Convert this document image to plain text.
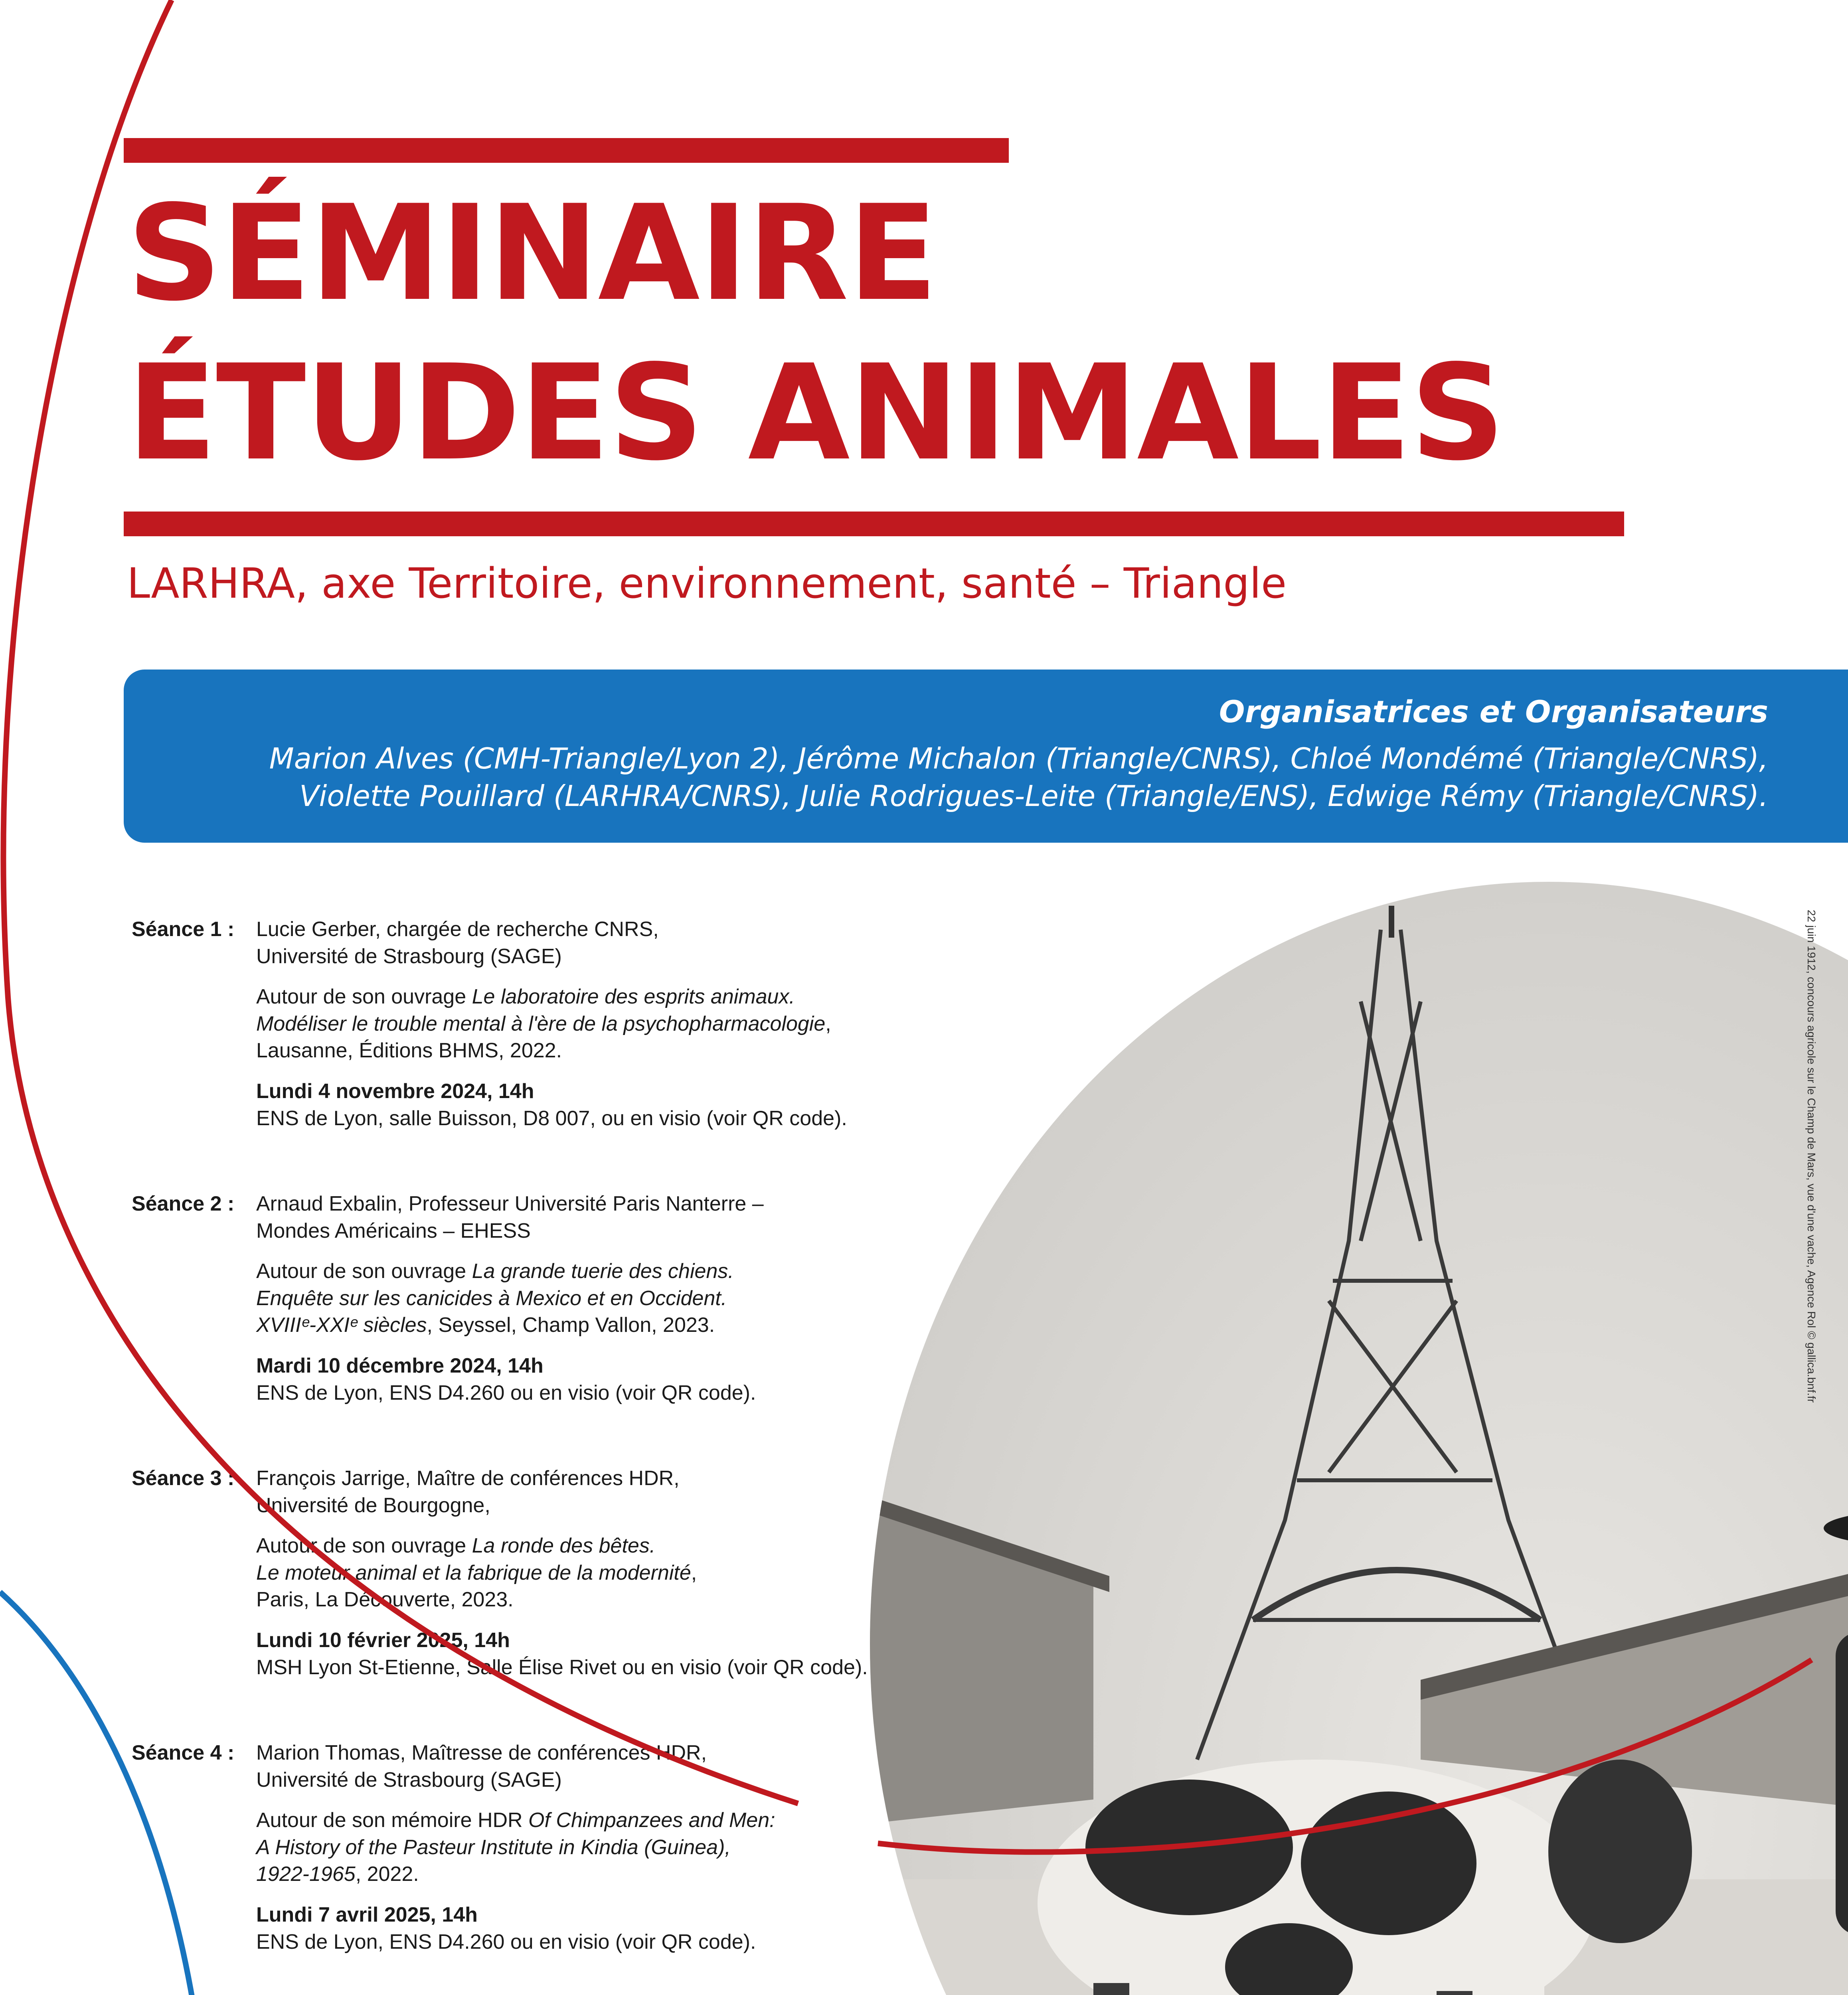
SÉMINAIRE
ÉTUDES ANIMALES
LARHRA, axe Territoire, environnement, santé – Triangle
Organisatrices et Organisateurs
Marion Alves (CMH-Triangle/Lyon 2), Jérôme Michalon (Triangle/CNRS), Chloé Mondémé (Triangle/CNRS),
Violette Pouillard (LARHRA/CNRS), Julie Rodrigues-Leite (Triangle/ENS), Edwige Rémy (Triangle/CNRS).
22 juin 1912, concours agricole sur le Champ de Mars, vue d'une vache, Agence Rol © gallica.bnf.fr
Séance 1 : Lucie Gerber, chargée de recherche CNRS,
Université de Strasbourg (SAGE)
Autour de son ouvrage Le laboratoire des esprits animaux.
Modéliser le trouble mental à l'ère de la psychopharmacologie,
Lausanne, Éditions BHMS, 2022.
Lundi 4 novembre 2024, 14h
ENS de Lyon, salle Buisson, D8 007, ou en visio (voir QR code).
Séance 2 : Arnaud Exbalin, Professeur Université Paris Nanterre –
Mondes Américains – EHESS
Autour de son ouvrage La grande tuerie des chiens.
Enquête sur les canicides à Mexico et en Occident.
XVIIIᵉ-XXIᵉ siècles, Seyssel, Champ Vallon, 2023.
Mardi 10 décembre 2024, 14h
ENS de Lyon, ENS D4.260 ou en visio (voir QR code).
Séance 3 : François Jarrige, Maître de conférences HDR,
Université de Bourgogne,
Autour de son ouvrage La ronde des bêtes.
Le moteur animal et la fabrique de la modernité,
Paris, La Découverte, 2023.
Lundi 10 février 2025, 14h
MSH Lyon St-Etienne, Salle Élise Rivet ou en visio (voir QR code).
Séance 4 : Marion Thomas, Maîtresse de conférences HDR,
Université de Strasbourg (SAGE)
Autour de son mémoire HDR Of Chimpanzees and Men:
A History of the Pasteur Institute in Kindia (Guinea),
1922-1965, 2022.
Lundi 7 avril 2025, 14h
ENS de Lyon, ENS D4.260 ou en visio (voir QR code).
